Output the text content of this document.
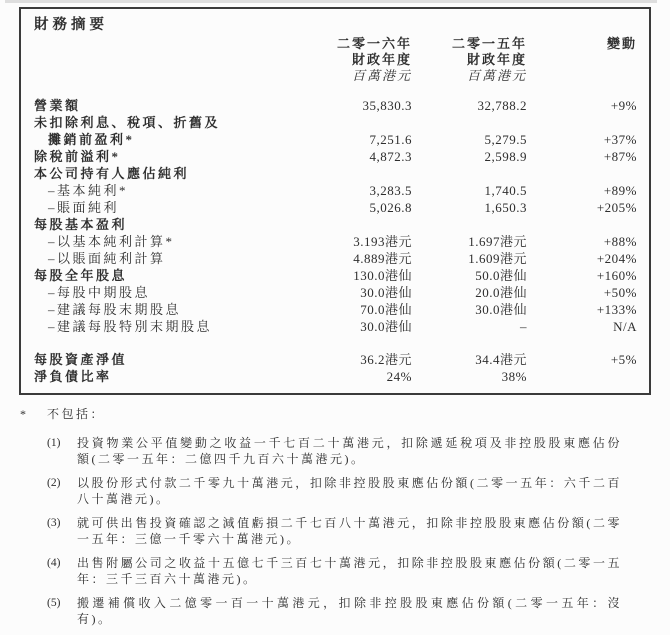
財務摘要

二零一六年
財政年度
百萬港元

二零一五年
財政年度
百萬港元

變動

營業額	35,830.3	32,788.2	+9%

未扣除利息、稅項、折舊及
攤銷前盈利*	7,251.6	5,279.5	+37%
除稅前溢利*	4,872.3	2,598.9	+87%
本公司持有人應佔純利			
–基本純利*	3,283.5	1,740.5	+89%
–賬面純利	5,026.8	1,650.3	+205%
每股基本盈利			
–以基本純利計算*	3.193港元	1.697港元	+88%
–以賬面純利計算	4.889港元	1.609港元	+204%
每股全年股息	130.0港仙	50.0港仙	+160%
–每股中期股息	30.0港仙	20.0港仙	+50%
–建議每股末期股息	70.0港仙	30.0港仙	+133%
–建議每股特別末期股息	30.0港仙	–	N/A

每股資產淨值	36.2港元	34.4港元	+5%
淨負債比率	24%	38%	
*	不包括：
(1)	投資物業公平值變動之收益一千七百二十萬港元，扣除遞延稅項及非控股股東應佔份額(二零一五年：二億四千九百六十萬港元)。
(2)	以股份形式付款二千零九十萬港元，扣除非控股股東應佔份額(二零一五年：六千二百八十萬港元)。
(3)	就可供出售投資確認之減值虧損二千七百八十萬港元，扣除非控股股東應佔份額(二零一五年：三億一千零六十萬港元)。
(4)	出售附屬公司之收益十五億七千三百七十萬港元，扣除非控股股東應佔份額(二零一五年：三千三百六十萬港元)。
(5)	搬遷補償收入二億零一百一十萬港元，扣除非控股股東應佔份額(二零一五年：沒有)。
